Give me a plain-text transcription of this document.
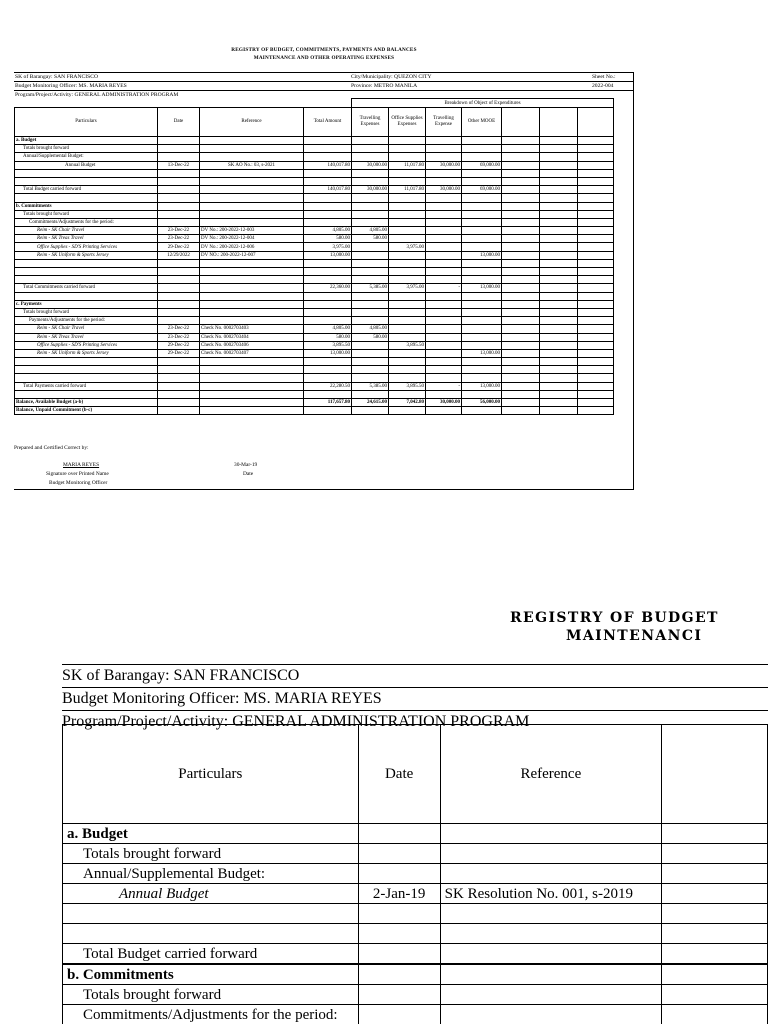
REGISTRY OF BUDGET, COMMITMENTS, PAYMENTS AND BALANCES
MAINTENANCE AND OTHER OPERATING EXPENSES
SK of Barangay: SAN FRANCISCO	City/Municipality: QUEZON CITY	Sheet No.:
Budget Monitoring Officer: MS. MARIA REYES	Province: METRO MANILA	2022-004
Program/Project/Activity: GENERAL ADMINISTRATION PROGRAM
				Breakdown of Object of Expenditures						
Particulars	Date	Reference	Total Amount	Travelling Expenses	Office Supplies Expenses	Travelling Expense	Other MOOE			
a. Budget										
Totals brought forward										
Annual/Supplemental Budget:										
Annual Budget	13-Dec-22	SK AO No.: 03, s-2021	140,017.80	30,000.00	11,017.80	30,000.00	69,000.00			

Total Budget carried forward			140,017.80	30,000.00	11,017.80	30,000.00	69,000.00			

b. Commitments										
Totals brought forward										
Commitments/Adjustments for the period:										
Reim - SK Chair Travel	23-Dec-22	DV No.: 200-2022-12-003	4,805.00	4,805.00						
Reim - SK Treas Travel	23-Dec-22	DV No.: 200-2022-12-004	580.00	580.00						
Office Supplies - SD'S Printing Services	29-Dec-22	DV No.: 200-2022-12-006	3,975.00		3,975.00					
Reim - SK Uniform & Sports Jersey	12/29/2022	DV NO.: 200-2022-12-007	13,000.00				13,000.00			

Total Commitments carried forward			22,360.00	5,385.00	3,975.00	-	13,000.00			

c. Payments										
Totals brought forward										
Payments/Adjustments for the period:										
Reim - SK Chair Travel	23-Dec-22	Check No. 0002703403	4,805.00	4,805.00						
Reim - SK Treas Travel	23-Dec-22	Check No. 0002703404	580.00	580.00						
Office Supplies - SD'S Printing Services	29-Dec-22	Check No. 0002703406	3,895.50		3,895.50					
Reim - SK Uniform & Sports Jersey	29-Dec-22	Check No. 0002703407	13,000.00				13,000.00			

Total Payments carried forward			22,280.50	5,385.00	3,895.50	-	13,000.00			

Balance, Available Budget (a-b)			117,657.80	24,615.00	7,042.80	30,000.00	56,000.00			
Balance, Unpaid Commitment (b-c)										
Prepared and Certified Correct by:
MARIA REYES	30-Mar-19
Signature over Printed Name	Date
Budget Monitoring Officer
REGISTRY OF BUDGET
MAINTENANCI
SK of Barangay: SAN FRANCISCO
Budget Monitoring Officer: MS. MARIA REYES
Program/Project/Activity: GENERAL ADMINISTRATION PROGRAM
Particulars	Date	Reference	
a. Budget			
Totals brought forward			
Annual/Supplemental Budget:			
Annual Budget	2-Jan-19	SK Resolution No. 001, s-2019	

Total Budget carried forward			
b. Commitments			
Totals brought forward			
Commitments/Adjustments for the period:			
